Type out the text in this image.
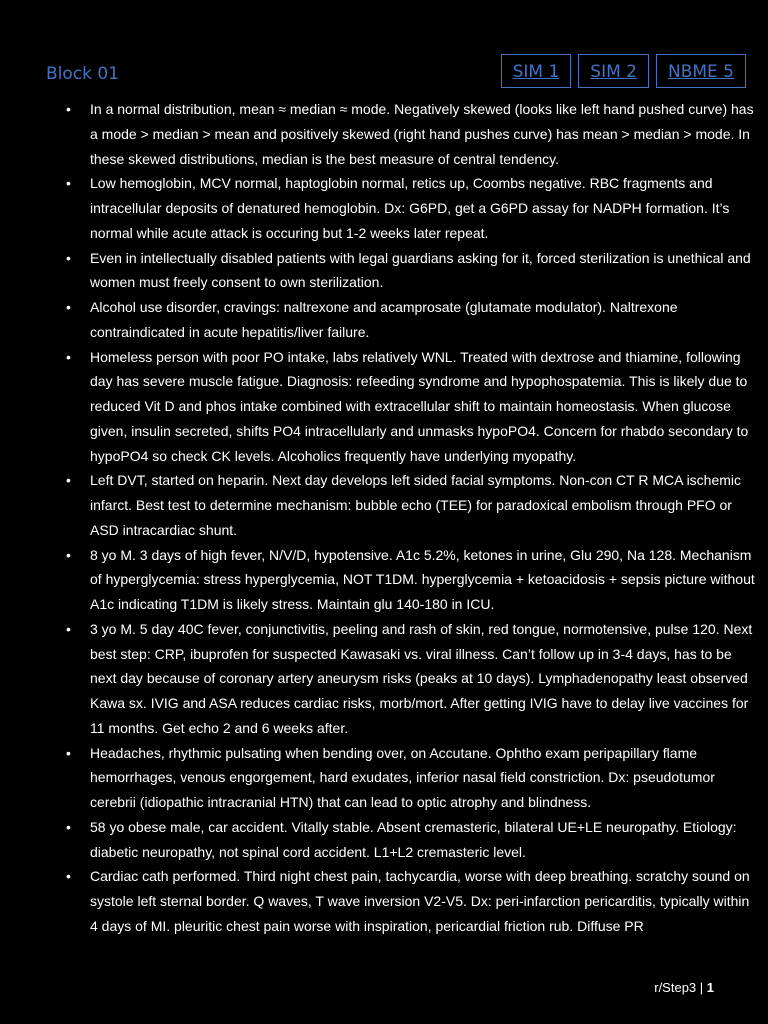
Block 01	SIM 1	SIM 2	NBME 5
• In a normal distribution, mean ≈ median ≈ mode. Negatively skewed (looks like left hand pushed curve) has a mode > median > mean and positively skewed (right hand pushes curve) has mean > median > mode. In these skewed distributions, median is the best measure of central tendency.
• Low hemoglobin, MCV normal, haptoglobin normal, retics up, Coombs negative. RBC fragments and intracellular deposits of denatured hemoglobin. Dx: G6PD, get a G6PD assay for NADPH formation. It’s normal while acute attack is occuring but 1-2 weeks later repeat.
• Even in intellectually disabled patients with legal guardians asking for it, forced sterilization is unethical and women must freely consent to own sterilization.
• Alcohol use disorder, cravings: naltrexone and acamprosate (glutamate modulator). Naltrexone contraindicated in acute hepatitis/liver failure.
• Homeless person with poor PO intake, labs relatively WNL. Treated with dextrose and thiamine, following day has severe muscle fatigue. Diagnosis: refeeding syndrome and hypophospatemia. This is likely due to reduced Vit D and phos intake combined with extracellular shift to maintain homeostasis. When glucose given, insulin secreted, shifts PO4 intracellularly and unmasks hypoPO4. Concern for rhabdo secondary to hypoPO4 so check CK levels. Alcoholics frequently have underlying myopathy.
• Left DVT, started on heparin. Next day develops left sided facial symptoms. Non-con CT R MCA ischemic infarct. Best test to determine mechanism: bubble echo (TEE) for paradoxical embolism through PFO or ASD intracardiac shunt.
• 8 yo M. 3 days of high fever, N/V/D, hypotensive. A1c 5.2%, ketones in urine, Glu 290, Na 128. Mechanism of hyperglycemia: stress hyperglycemia, NOT T1DM. hyperglycemia + ketoacidosis + sepsis picture without A1c indicating T1DM is likely stress. Maintain glu 140-180 in ICU.
• 3 yo M. 5 day 40C fever, conjunctivitis, peeling and rash of skin, red tongue, normotensive, pulse 120. Next best step: CRP, ibuprofen for suspected Kawasaki vs. viral illness. Can’t follow up in 3-4 days, has to be next day because of coronary artery aneurysm risks (peaks at 10 days). Lymphadenopathy least observed Kawa sx. IVIG and ASA reduces cardiac risks, morb/mort. After getting IVIG have to delay live vaccines for 11 months. Get echo 2 and 6 weeks after.
• Headaches, rhythmic pulsating when bending over, on Accutane. Ophtho exam peripapillary flame hemorrhages, venous engorgement, hard exudates, inferior nasal field constriction. Dx: pseudotumor cerebrii (idiopathic intracranial HTN) that can lead to optic atrophy and blindness.
• 58 yo obese male, car accident. Vitally stable. Absent cremasteric, bilateral UE+LE neuropathy. Etiology: diabetic neuropathy, not spinal cord accident. L1+L2 cremasteric level.
• Cardiac cath performed. Third night chest pain, tachycardia, worse with deep breathing. scratchy sound on systole left sternal border. Q waves, T wave inversion V2-V5. Dx: peri-infarction pericarditis, typically within 4 days of MI. pleuritic chest pain worse with inspiration, pericardial friction rub. Diffuse PR
r/Step3 | 1
